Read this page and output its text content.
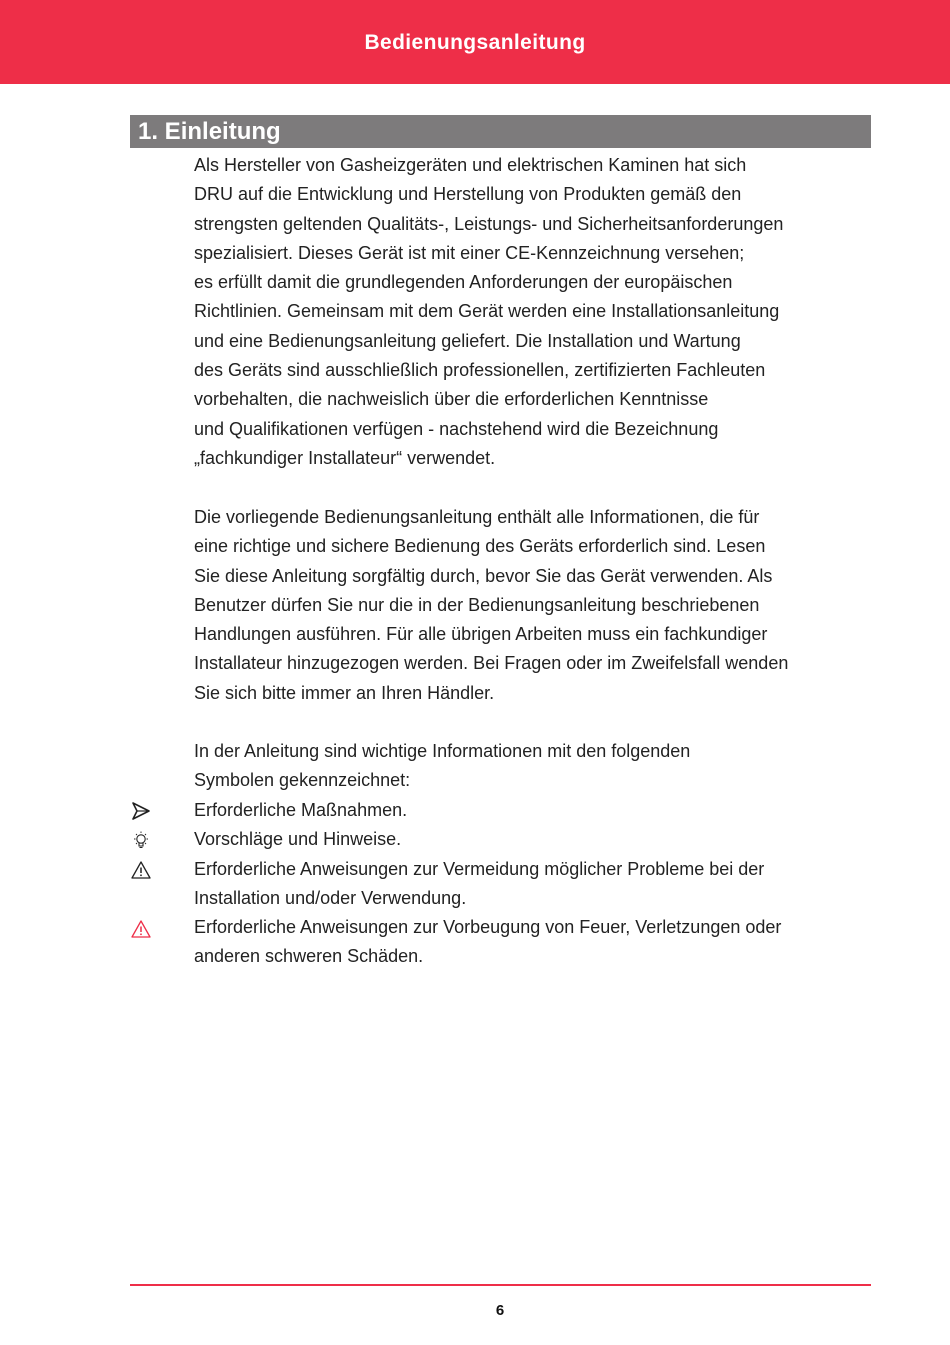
Bedienungsanleitung
1. Einleitung
Als Hersteller von Gasheizgeräten und elektrischen Kaminen hat sich
DRU auf die Entwicklung und Herstellung von Produkten gemäß den
strengsten geltenden Qualitäts-, Leistungs- und Sicherheitsanforderungen
spezialisiert. Dieses Gerät ist mit einer CE-Kennzeichnung versehen;
es erfüllt damit die grundlegenden Anforderungen der europäischen
Richtlinien. Gemeinsam mit dem Gerät werden eine Installationsanleitung
und eine Bedienungsanleitung geliefert. Die Installation und Wartung
des Geräts sind ausschließlich professionellen, zertifizierten Fachleuten
vorbehalten, die nachweislich über die erforderlichen Kenntnisse
und Qualifikationen verfügen - nachstehend wird die Bezeichnung
„fachkundiger Installateur“ verwendet.
Die vorliegende Bedienungsanleitung enthält alle Informationen, die für
eine richtige und sichere Bedienung des Geräts erforderlich sind. Lesen
Sie diese Anleitung sorgfältig durch, bevor Sie das Gerät verwenden. Als
Benutzer dürfen Sie nur die in der Bedienungsanleitung beschriebenen
Handlungen ausführen. Für alle übrigen Arbeiten muss ein fachkundiger
Installateur hinzugezogen werden. Bei Fragen oder im Zweifelsfall wenden
Sie sich bitte immer an Ihren Händler.
In der Anleitung sind wichtige Informationen mit den folgenden
Symbolen gekennzeichnet:
Erforderliche Maßnahmen.
Vorschläge und Hinweise.
Erforderliche Anweisungen zur Vermeidung möglicher Probleme bei der
Installation und/oder Verwendung.
Erforderliche Anweisungen zur Vorbeugung von Feuer, Verletzungen oder
anderen schweren Schäden.
6
